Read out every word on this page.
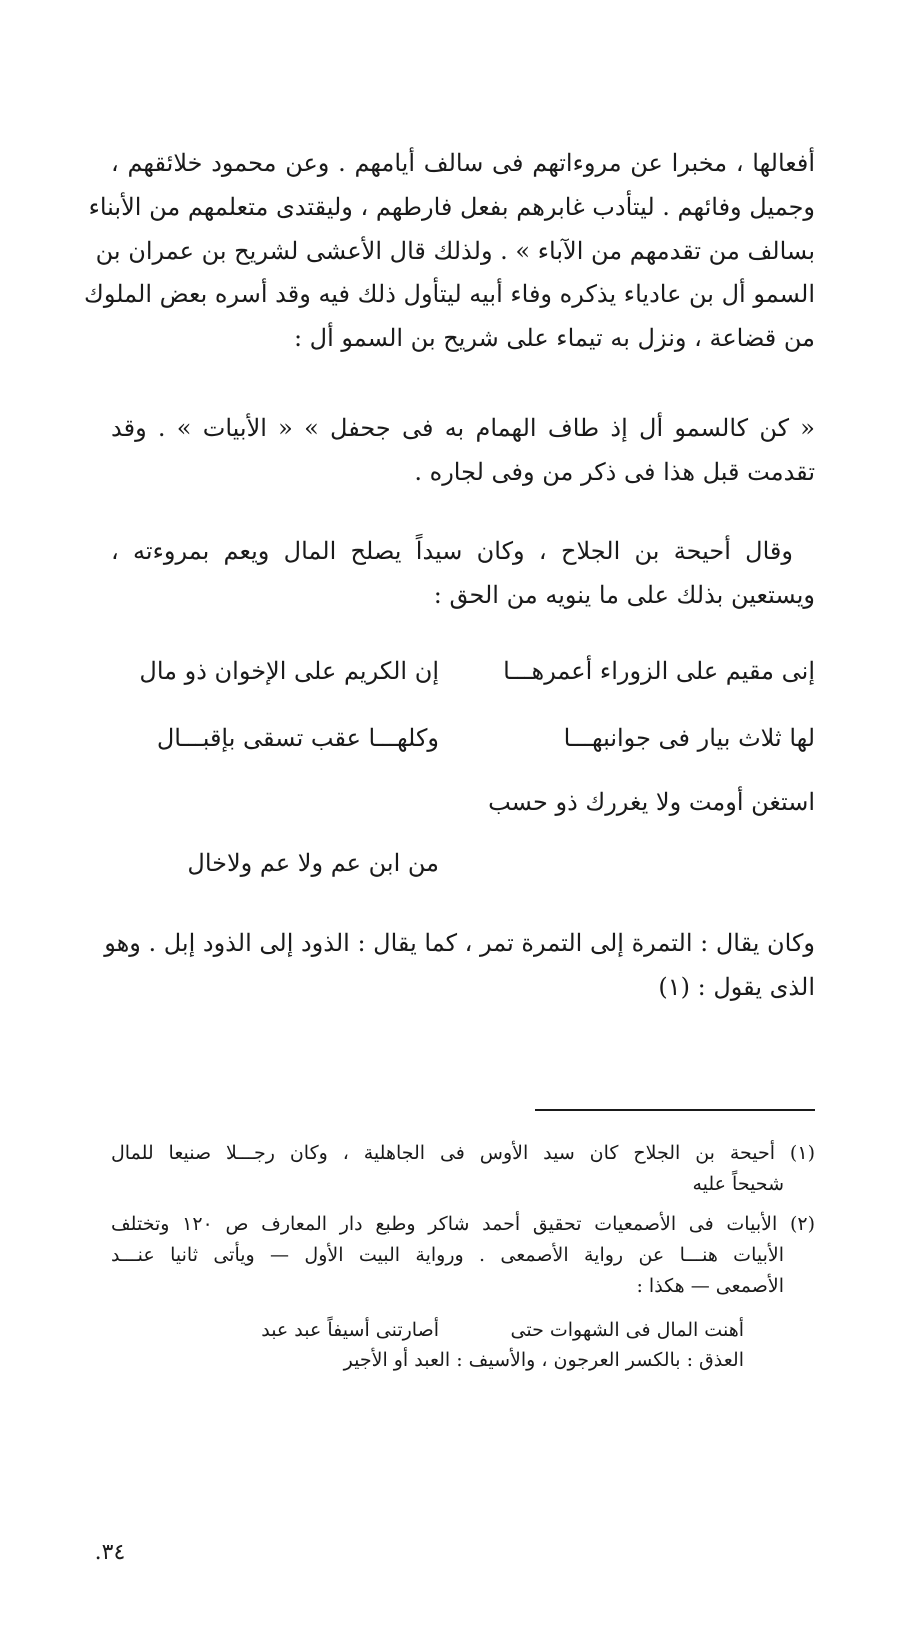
أفعالها ، مخبرا عن مروءاتهم فى سالف أيامهم . وعن محمود خلائقهم ،
وجميل وفائهم . ليتأدب غابرهم بفعل فارطهم ، وليقتدى متعلمهم من الأبناء
بسالف من تقدمهم من الآباء » . ولذلك قال الأعشى لشريح بن عمران بن
السمو أل بن عادياء يذكره وفاء أبيه ليتأول ذلك فيه وقد أسره بعض الملوك
من قضاعة ، ونزل به تيماء على شريح بن السمو أل :
« كن كالسمو أل إذ طاف الهمام به فى جحفل » « الأبيات » . وقد
تقدمت قبل هذا فى ذكر من وفى لجاره .
وقال أحيحة بن الجلاح ، وكان سيداً يصلح المال ويعم بمروءته ،
ويستعين بذلك على ما ينويه من الحق :
إنى مقيم على الزوراء أعمرهـــا
إن الكريم على الإخوان ذو مال
لها ثلاث بيار فى جوانبهـــا
وكلهـــا عقب تسقى بإقبـــال
استغن أومت ولا يغررك ذو حسب
من ابن عم ولا عم ولاخال
وكان يقال : التمرة إلى التمرة تمر ، كما يقال : الذود إلى الذود إبل . وهو
الذى يقول : (١)
(١) أحيحة بن الجلاح كان سيد الأوس فى الجاهلية ، وكان رجـــلا صنيعا للمال
شحيحاً عليه
(٢) الأبيات فى الأصمعيات تحقيق أحمد شاكر وطبع دار المعارف ص ١٢٠ وتختلف
الأبيات هنـــا عن رواية الأصمعى . ورواية البيت الأول — ويأتى ثانيا عنـــد
الأصمعى — هكذا :
أهنت المال فى الشهوات حتى
أصارتنى أسيفاً عبد عبد
العذق : بالكسر العرجون ، والأسيف : العبد أو الأجير
٣٤.
